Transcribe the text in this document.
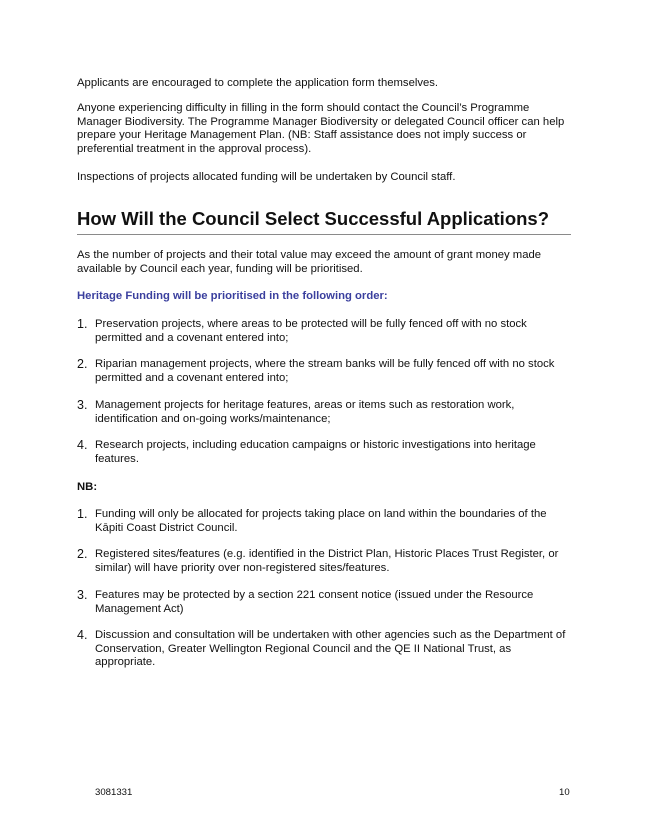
Applicants are encouraged to complete the application form themselves.

Anyone experiencing difficulty in filling in the form should contact the Council’s Programme Manager Biodiversity. The Programme Manager Biodiversity or delegated Council officer can help prepare your Heritage Management Plan. (NB: Staff assistance does not imply success or preferential treatment in the approval process).

Inspections of projects allocated funding will be undertaken by Council staff.

How Will the Council Select Successful Applications?

As the number of projects and their total value may exceed the amount of grant money made available by Council each year, funding will be prioritised.

Heritage Funding will be prioritised in the following order:
1. Preservation projects, where areas to be protected will be fully fenced off with no stock permitted and a covenant entered into;
2. Riparian management projects, where the stream banks will be fully fenced off with no stock permitted and a covenant entered into;
3. Management projects for heritage features, areas or items such as restoration work, identification and on-going works/maintenance;
4. Research projects, including education campaigns or historic investigations into heritage features.
NB:
1. Funding will only be allocated for projects taking place on land within the boundaries of the Kāpiti Coast District Council.
2. Registered sites/features (e.g. identified in the District Plan, Historic Places Trust Register, or similar) will have priority over non-registered sites/features.
3. Features may be protected by a section 221 consent notice (issued under the Resource Management Act)
4. Discussion and consultation will be undertaken with other agencies such as the Department of Conservation, Greater Wellington Regional Council and the QE II National Trust, as appropriate.
3081331	10
